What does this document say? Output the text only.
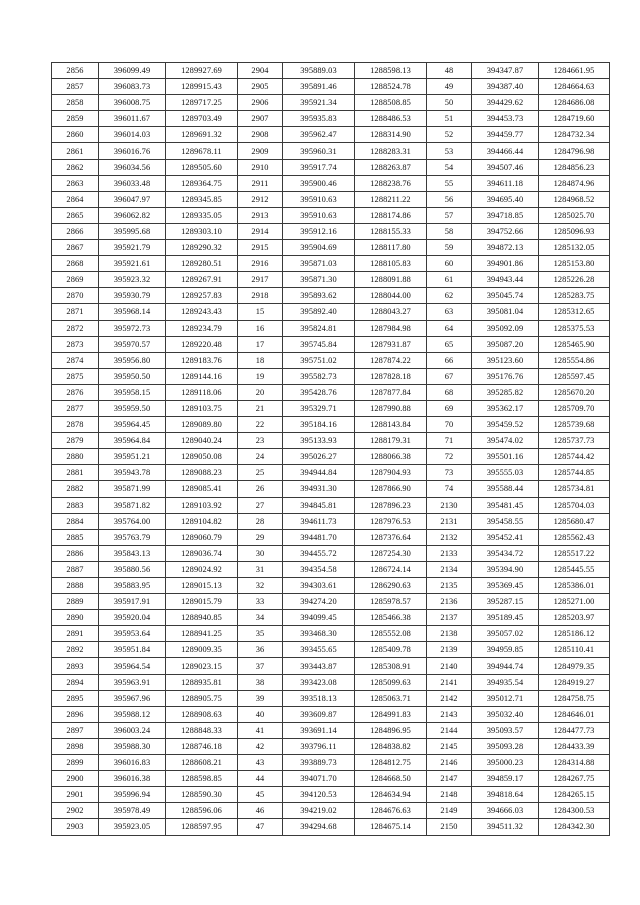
2856	396099.49	1289927.69	2904	395889.03	1288598.13	48	394347.87	1284661.95
2857	396083.73	1289915.43	2905	395891.46	1288524.78	49	394387.40	1284664.63
2858	396008.75	1289717.25	2906	395921.34	1288508.85	50	394429.62	1284686.08
2859	396011.67	1289703.49	2907	395935.83	1288486.53	51	394453.73	1284719.60
2860	396014.03	1289691.32	2908	395962.47	1288314.90	52	394459.77	1284732.34
2861	396016.76	1289678.11	2909	395960.31	1288283.31	53	394466.44	1284796.98
2862	396034.56	1289505.60	2910	395917.74	1288263.87	54	394507.46	1284856.23
2863	396033.48	1289364.75	2911	395900.46	1288238.76	55	394611.18	1284874.96
2864	396047.97	1289345.85	2912	395910.63	1288211.22	56	394695.40	1284968.52
2865	396062.82	1289335.05	2913	395910.63	1288174.86	57	394718.85	1285025.70
2866	395995.68	1289303.10	2914	395912.16	1288155.33	58	394752.66	1285096.93
2867	395921.79	1289290.32	2915	395904.69	1288117.80	59	394872.13	1285132.05
2868	395921.61	1289280.51	2916	395871.03	1288105.83	60	394901.86	1285153.80
2869	395923.32	1289267.91	2917	395871.30	1288091.88	61	394943.44	1285226.28
2870	395930.79	1289257.83	2918	395893.62	1288044.00	62	395045.74	1285283.75
2871	395968.14	1289243.43	15	395892.40	1288043.27	63	395081.04	1285312.65
2872	395972.73	1289234.79	16	395824.81	1287984.98	64	395092.09	1285375.53
2873	395970.57	1289220.48	17	395745.84	1287931.87	65	395087.20	1285465.90
2874	395956.80	1289183.76	18	395751.02	1287874.22	66	395123.60	1285554.86
2875	395950.50	1289144.16	19	395582.73	1287828.18	67	395176.76	1285597.45
2876	395958.15	1289118.06	20	395428.76	1287877.84	68	395285.82	1285670.20
2877	395959.50	1289103.75	21	395329.71	1287990.88	69	395362.17	1285709.70
2878	395964.45	1289089.80	22	395184.16	1288143.84	70	395459.52	1285739.68
2879	395964.84	1289040.24	23	395133.93	1288179.31	71	395474.02	1285737.73
2880	395951.21	1289050.08	24	395026.27	1288066.38	72	395501.16	1285744.42
2881	395943.78	1289088.23	25	394944.84	1287904.93	73	395555.03	1285744.85
2882	395871.99	1289085.41	26	394931.30	1287866.90	74	395588.44	1285734.81
2883	395871.82	1289103.92	27	394845.81	1287896.23	2130	395481.45	1285704.03
2884	395764.00	1289104.82	28	394611.73	1287976.53	2131	395458.55	1285680.47
2885	395763.79	1289060.79	29	394481.70	1287376.64	2132	395452.41	1285562.43
2886	395843.13	1289036.74	30	394455.72	1287254.30	2133	395434.72	1285517.22
2887	395880.56	1289024.92	31	394354.58	1286724.14	2134	395394.90	1285445.55
2888	395883.95	1289015.13	32	394303.61	1286290.63	2135	395369.45	1285386.01
2889	395917.91	1289015.79	33	394274.20	1285978.57	2136	395287.15	1285271.00
2890	395920.04	1288940.85	34	394099.45	1285466.38	2137	395189.45	1285203.97
2891	395953.64	1288941.25	35	393468.30	1285552.08	2138	395057.02	1285186.12
2892	395951.84	1289009.35	36	393455.65	1285409.78	2139	394959.85	1285110.41
2893	395964.54	1289023.15	37	393443.87	1285308.91	2140	394944.74	1284979.35
2894	395963.91	1288935.81	38	393423.08	1285099.63	2141	394935.54	1284919.27
2895	395967.96	1288905.75	39	393518.13	1285063.71	2142	395012.71	1284758.75
2896	395988.12	1288908.63	40	393609.87	1284991.83	2143	395032.40	1284646.01
2897	396003.24	1288848.33	41	393691.14	1284896.95	2144	395093.57	1284477.73
2898	395988.30	1288746.18	42	393796.11	1284838.82	2145	395093.28	1284433.39
2899	396016.83	1288608.21	43	393889.73	1284812.75	2146	395000.23	1284314.88
2900	396016.38	1288598.85	44	394071.70	1284668.50	2147	394859.17	1284267.75
2901	395996.94	1288590.30	45	394120.53	1284634.94	2148	394818.64	1284265.15
2902	395978.49	1288596.06	46	394219.02	1284676.63	2149	394666.03	1284300.53
2903	395923.05	1288597.95	47	394294.68	1284675.14	2150	394511.32	1284342.30
